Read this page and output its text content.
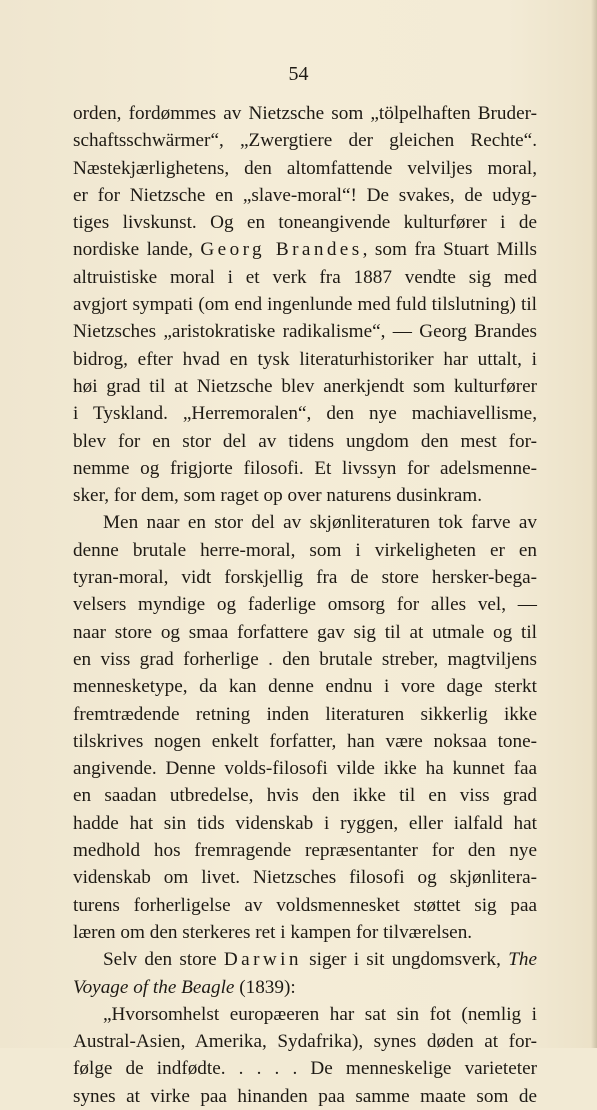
54
orden, fordømmes av Nietzsche som „tölpelhaften Bruder-
schaftsschwärmer“, „Zwergtiere der gleichen Rechte“.
Næstekjærlighetens, den altomfattende velviljes moral,
er for Nietzsche en „slave-moral“! De svakes, de udyg-
tiges livskunst. Og en toneangivende kulturfører i de
nordiske lande, Georg Brandes, som fra Stuart Mills
altruistiske moral i et verk fra 1887 vendte sig med
avgjort sympati (om end ingenlunde med fuld tilslutning) til
Nietzsches „aristokratiske radikalisme“, — Georg Brandes
bidrog, efter hvad en tysk literaturhistoriker har uttalt, i
høi grad til at Nietzsche blev anerkjendt som kulturfører
i Tyskland. „Herremoralen“, den nye machiavellisme,
blev for en stor del av tidens ungdom den mest for-
nemme og frigjorte filosofi. Et livssyn for adelsmenne-
sker, for dem, som raget op over naturens dusinkram.
Men naar en stor del av skjønliteraturen tok farve av
denne brutale herre-moral, som i virkeligheten er en
tyran-moral, vidt forskjellig fra de store hersker-bega-
velsers myndige og faderlige omsorg for alles vel, —
naar store og smaa forfattere gav sig til at utmale og til
en viss grad forherlige . den brutale streber, magtviljens
mennesketype, da kan denne endnu i vore dage sterkt
fremtrædende retning inden literaturen sikkerlig ikke
tilskrives nogen enkelt forfatter, han være noksaa tone-
angivende. Denne volds-filosofi vilde ikke ha kunnet faa
en saadan utbredelse, hvis den ikke til en viss grad
hadde hat sin tids videnskab i ryggen, eller ialfald hat
medhold hos fremragende repræsentanter for den nye
videnskab om livet. Nietzsches filosofi og skjønlitera-
turens forherligelse av voldsmennesket støttet sig paa
læren om den sterkeres ret i kampen for tilværelsen.
Selv den store Darwin siger i sit ungdomsverk, The
Voyage of the Beagle (1839):
„Hvorsomhelst europæeren har sat sin fot (nemlig i
Austral-Asien, Amerika, Sydafrika), synes døden at for-
følge de indfødte. . . . . De menneskelige varieteter
synes at virke paa hinanden paa samme maate som de
